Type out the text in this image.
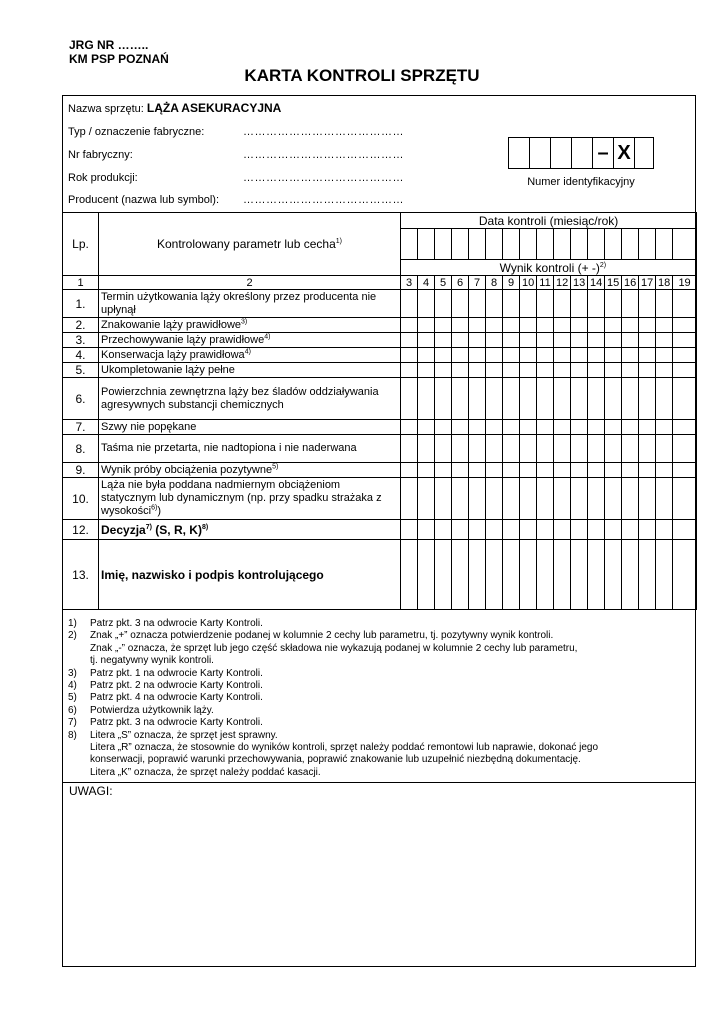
JRG NR ……..
KM PSP POZNAŃ
KARTA KONTROLI SPRZĘTU
Nazwa sprzętu: LĄŻA ASEKURACYJNA
Typ / oznaczenie fabryczne:	……………………………………
Nr fabryczny:	……………………………………
Rok produkcji:	……………………………………
Producent (nazwa lub symbol): ……………………………………
– X
Numer identyfikacyjny
Lp.	Kontrolowany parametr lub cecha$^{1)}$	Data kontroli (miesiąc/rok)																

		Wynik kontroli (+ -)$^{2)}$
1	2	3	4	5	6	7	8	9	10	11	12	13	14	15	16	17	18	19
1.	Termin użytkowania ląży określony przez producenta nie upłynął																	
2.	Znakowanie ląży prawidłowe$^{3)}$																	
3.	Przechowywanie ląży prawidłowe$^{4)}$																	
4.	Konserwacja ląży prawidłowa$^{4)}$																	
5.	Ukompletowanie ląży pełne																	
6.	Powierzchnia zewnętrzna ląży bez śladów oddziaływania agresywnych substancji chemicznych																	
7.	Szwy nie popękane																	
8.	Taśma nie przetarta, nie nadtopiona i nie naderwana																	
9.	Wynik próby obciążenia pozytywne$^{5)}$																	
10.	Ląża nie była poddana nadmiernym obciążeniom statycznym lub dynamicznym (np. przy spadku strażaka z wysokości$^{6)}$)																	
12.	Decyzja$^{7)}$ (S, R, K)$^{8)}$																	
13.	Imię, nazwisko i podpis kontrolującego																	
1)	Patrz pkt. 3 na odwrocie Karty Kontroli.
2)	Znak „+” oznacza potwierdzenie podanej w kolumnie 2 cechy lub parametru, tj. pozytywny wynik kontroli.
Znak „-” oznacza, że sprzęt lub jego część składowa nie wykazują podanej w kolumnie 2 cechy lub parametru,
tj. negatywny wynik kontroli.
3)	Patrz pkt. 1 na odwrocie Karty Kontroli.
4)	Patrz pkt. 2 na odwrocie Karty Kontroli.
5)	Patrz pkt. 4 na odwrocie Karty Kontroli.
6)	Potwierdza użytkownik ląży.
7)	Patrz pkt. 3 na odwrocie Karty Kontroli.
8)	Litera „S” oznacza, że sprzęt jest sprawny.
Litera „R” oznacza, że stosownie do wyników kontroli, sprzęt należy poddać remontowi lub naprawie, dokonać jego
konserwacji, poprawić warunki przechowywania, poprawić znakowanie lub uzupełnić niezbędną dokumentację.
Litera „K” oznacza, że sprzęt należy poddać kasacji.
UWAGI:
